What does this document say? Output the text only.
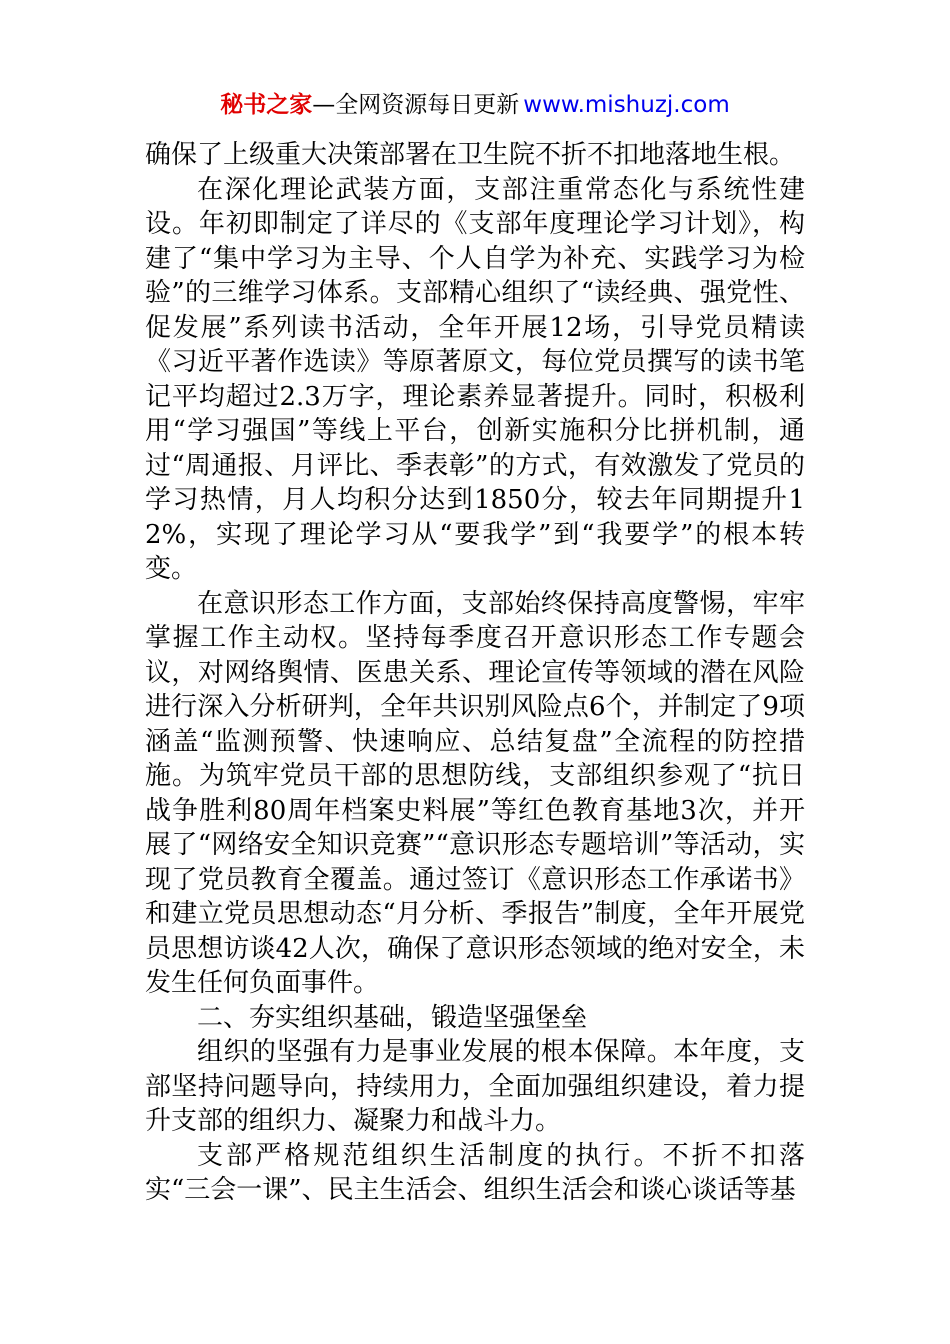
秘书之家—全网资源每日更新 www.mishuzj.com

确保了上级重大决策部署在卫生院不折不扣地落地生根。

在深化理论武装方面，支部注重常态化与系统性建设。年初即制定了详尽的《支部年度理论学习计划》，构建了“集中学习为主导、个人自学为补充、实践学习为检验”的三维学习体系。支部精心组织了“读经典、强党性、促发展”系列读书活动，全年开展12场，引导党员精读《习近平著作选读》等原著原文，每位党员撰写的读书笔记平均超过2.3万字，理论素养显著提升。同时，积极利用“学习强国”等线上平台，创新实施积分比拼机制，通过“周通报、月评比、季表彰”的方式，有效激发了党员的学习热情，月人均积分达到1850分，较去年同期提升12%，实现了理论学习从“要我学”到“我要学”的根本转变。

在意识形态工作方面，支部始终保持高度警惕，牢牢掌握工作主动权。坚持每季度召开意识形态工作专题会议，对网络舆情、医患关系、理论宣传等领域的潜在风险进行深入分析研判，全年共识别风险点6个，并制定了9项涵盖“监测预警、快速响应、总结复盘”全流程的防控措施。为筑牢党员干部的思想防线，支部组织参观了“抗日战争胜利80周年档案史料展”等红色教育基地3次，并开展了“网络安全知识竞赛”“意识形态专题培训”等活动，实现了党员教育全覆盖。通过签订《意识形态工作承诺书》和建立党员思想动态“月分析、季报告”制度，全年开展党员思想访谈42人次，确保了意识形态领域的绝对安全，未发生任何负面事件。

二、夯实组织基础，锻造坚强堡垒

组织的坚强有力是事业发展的根本保障。本年度，支部坚持问题导向，持续用力，全面加强组织建设，着力提升支部的组织力、凝聚力和战斗力。

支部严格规范组织生活制度的执行。不折不扣落实“三会一课”、民主生活会、组织生活会和谈心谈话等基
